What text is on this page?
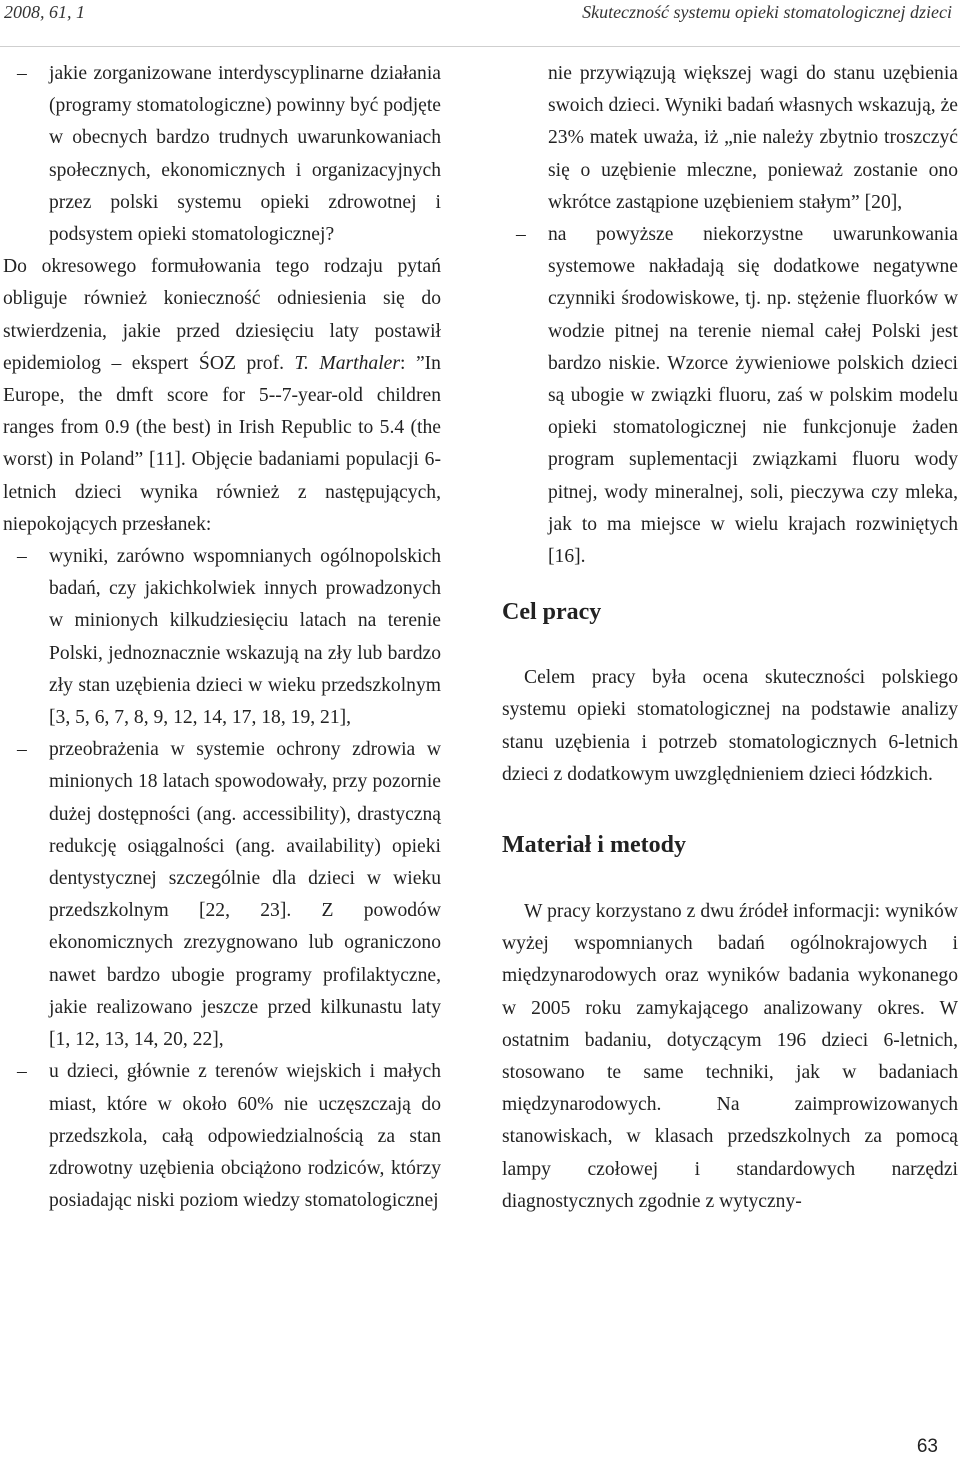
2008, 61, 1	Skuteczność systemu opieki stomatologicznej dzieci
–	jakie zorganizowane interdyscyplinarne działania (programy stomatologiczne) powinny być podjęte w obecnych bardzo trudnych uwarunkowaniach społecznych, ekonomicznych i organizacyjnych przez polski systemu opieki zdrowotnej i podsystem opieki stomatologicznej?

Do okresowego formułowania tego rodzaju pytań obliguje również konieczność odniesienia się do stwierdzenia, jakie przed dziesięciu laty postawił epidemiolog – ekspert ŚOZ prof. T. Marthaler: ”In Europe, the dmft score for 5--7-year-old children ranges from 0.9 (the best) in Irish Republic to 5.4 (the worst) in Poland” [11]. Objęcie badaniami populacji 6-letnich dzieci wynika również z następujących, niepokojących przesłanek:

–	wyniki, zarówno wspomnianych ogólnopolskich badań, czy jakichkolwiek innych prowadzonych w minionych kilkudziesięciu latach na terenie Polski, jednoznacznie wskazują na zły lub bardzo zły stan uzębienia dzieci w wieku przedszkolnym [3, 5, 6, 7, 8, 9, 12, 14, 17, 18, 19, 21],
–	przeobrażenia w systemie ochrony zdrowia w minionych 18 latach spowodowały, przy pozornie dużej dostępności (ang. accessibility), drastyczną redukcję osiągalności (ang. availability) opieki dentystycznej szczególnie dla dzieci w wieku przedszkolnym [22, 23]. Z powodów ekonomicznych zrezygnowano lub ograniczono nawet bardzo ubogie programy profilaktyczne, jakie realizowano jeszcze przed kilkunastu laty [1, 12, 13, 14, 20, 22],
–	u dzieci, głównie z terenów wiejskich i małych miast, które w około 60% nie uczęszczają do przedszkola, całą odpowiedzialnością za stan zdrowotny uzębienia obciążono rodziców, którzy posiadając niski poziom wiedzy stomatologicznej
nie przywiązują większej wagi do stanu uzębienia swoich dzieci. Wyniki badań własnych wskazują, że 23% matek uważa, iż „nie należy zbytnio troszczyć się o uzębienie mleczne, ponieważ zostanie ono wkrótce zastąpione uzębieniem stałym” [20],
–	na powyższe niekorzystne uwarunkowania systemowe nakładają się dodatkowe negatywne czynniki środowiskowe, tj. np. stężenie fluorków w wodzie pitnej na terenie niemal całej Polski jest bardzo niskie. Wzorce żywieniowe polskich dzieci są ubogie w związki fluoru, zaś w polskim modelu opieki stomatologicznej nie funkcjonuje żaden program suplementacji związkami fluoru wody pitnej, wody mineralnej, soli, pieczywa czy mleka, jak to ma miejsce w wielu krajach rozwiniętych [16].
Cel pracy

Celem pracy była ocena skuteczności polskiego systemu opieki stomatologicznej na podstawie analizy stanu uzębienia i potrzeb stomatologicznych 6-letnich dzieci z dodatkowym uwzględnieniem dzieci łódzkich.

Materiał i metody

W pracy korzystano z dwu źródeł informacji: wyników wyżej wspomnianych badań ogólnokrajowych i międzynarodowych oraz wyników badania wykonanego w 2005 roku zamykającego analizowany okres. W ostatnim badaniu, dotyczącym 196 dzieci 6-letnich, stosowano te same techniki, jak w badaniach międzynarodowych. Na zaimprowizowanych stanowiskach, w klasach przedszkolnych za pomocą lampy czołowej i standardowych narzędzi diagnostycznych zgodnie z wytyczny-

63
